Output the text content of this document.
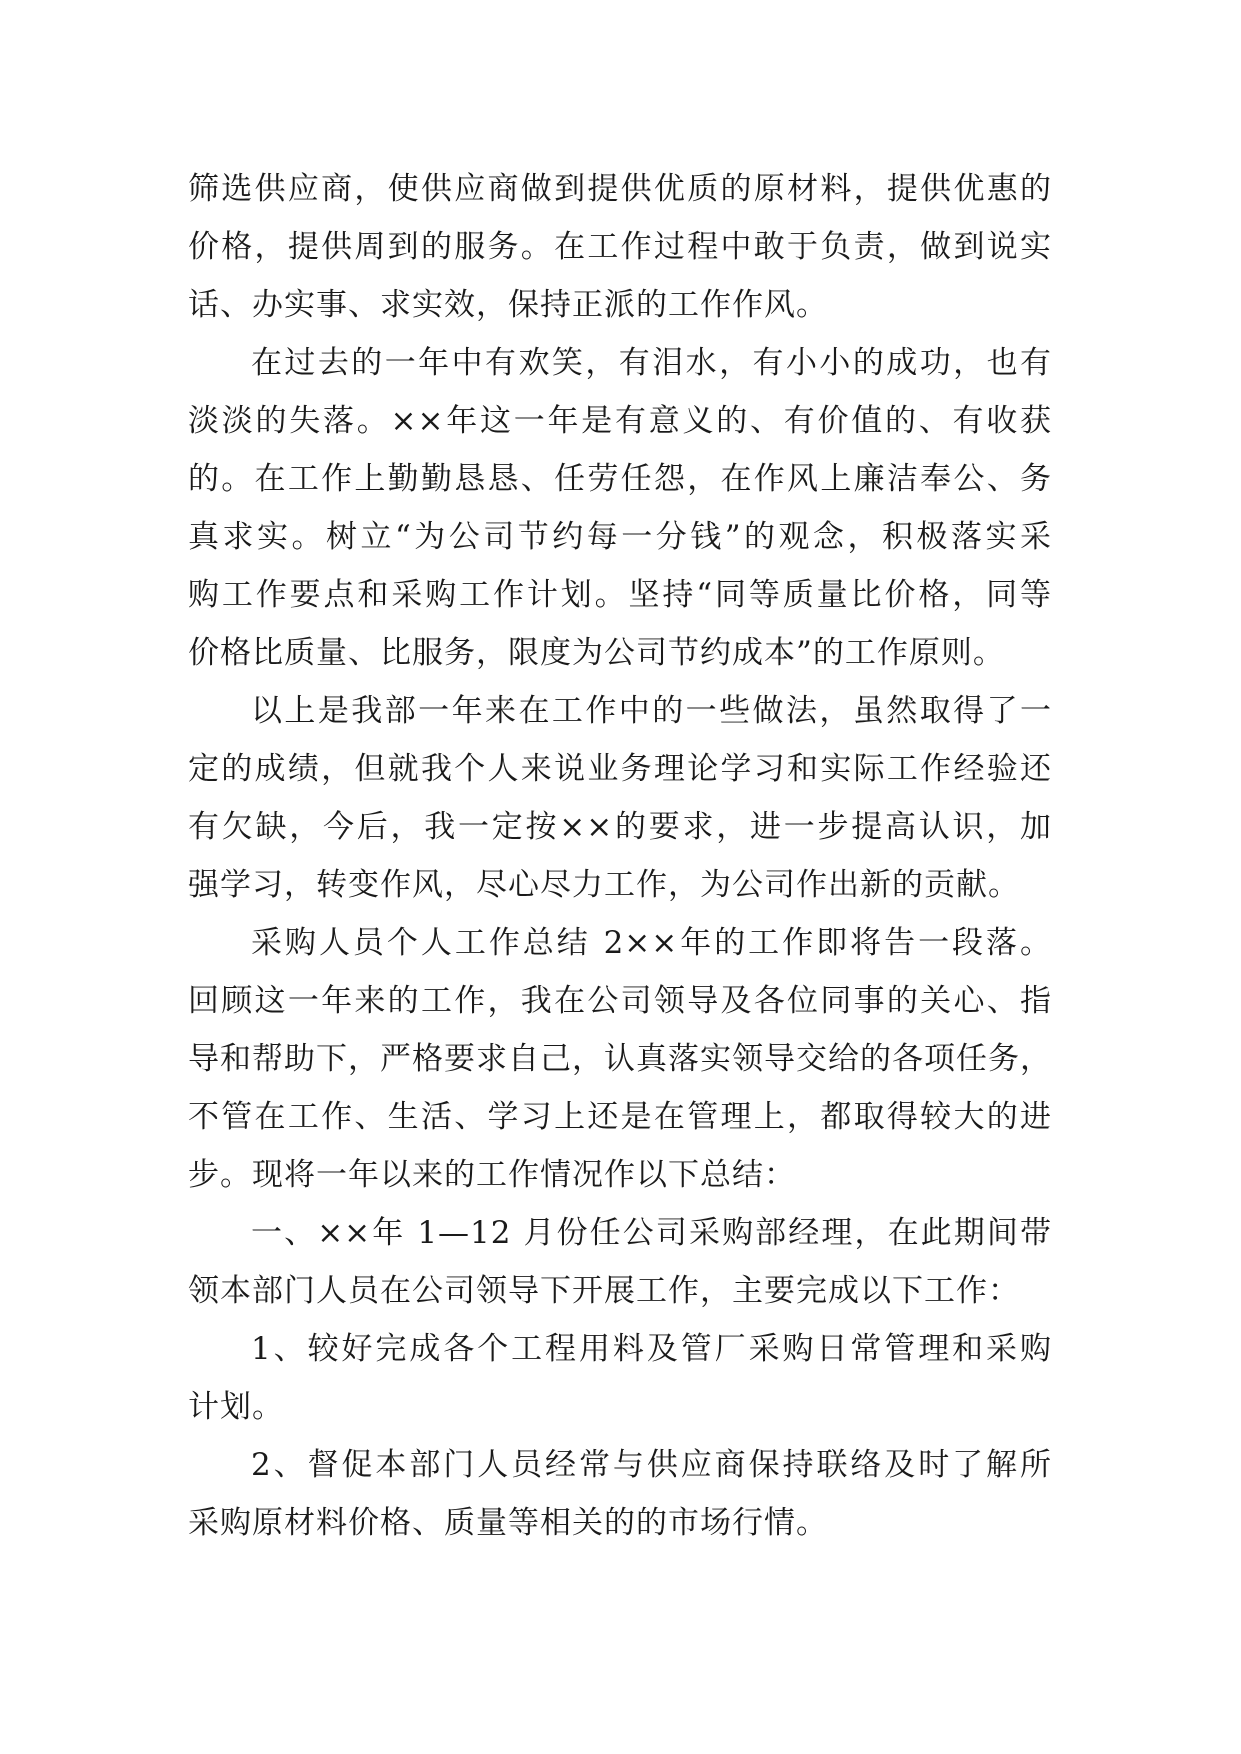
筛选供应商，使供应商做到提供优质的原材料，提供优惠的
价格，提供周到的服务。在工作过程中敢于负责，做到说实
话、办实事、求实效，保持正派的工作作风。
在过去的一年中有欢笑，有泪水，有小小的成功，也有
淡淡的失落。××年这一年是有意义的、有价值的、有收获
的。在工作上勤勤恳恳、任劳任怨，在作风上廉洁奉公、务
真求实。树立“为公司节约每一分钱”的观念，积极落实采
购工作要点和采购工作计划。坚持“同等质量比价格，同等
价格比质量、比服务，限度为公司节约成本”的工作原则。
以上是我部一年来在工作中的一些做法，虽然取得了一
定的成绩，但就我个人来说业务理论学习和实际工作经验还
有欠缺，今后，我一定按××的要求，进一步提高认识，加
强学习，转变作风，尽心尽力工作，为公司作出新的贡献。
采购人员个人工作总结 2××年的工作即将告一段落。
回顾这一年来的工作，我在公司领导及各位同事的关心、指
导和帮助下，严格要求自己，认真落实领导交给的各项任务，
不管在工作、生活、学习上还是在管理上，都取得较大的进
步。现将一年以来的工作情况作以下总结：
一、××年 1—12 月份任公司采购部经理，在此期间带
领本部门人员在公司领导下开展工作，主要完成以下工作：
1、较好完成各个工程用料及管厂采购日常管理和采购
计划。
2、督促本部门人员经常与供应商保持联络及时了解所
采购原材料价格、质量等相关的的市场行情。
